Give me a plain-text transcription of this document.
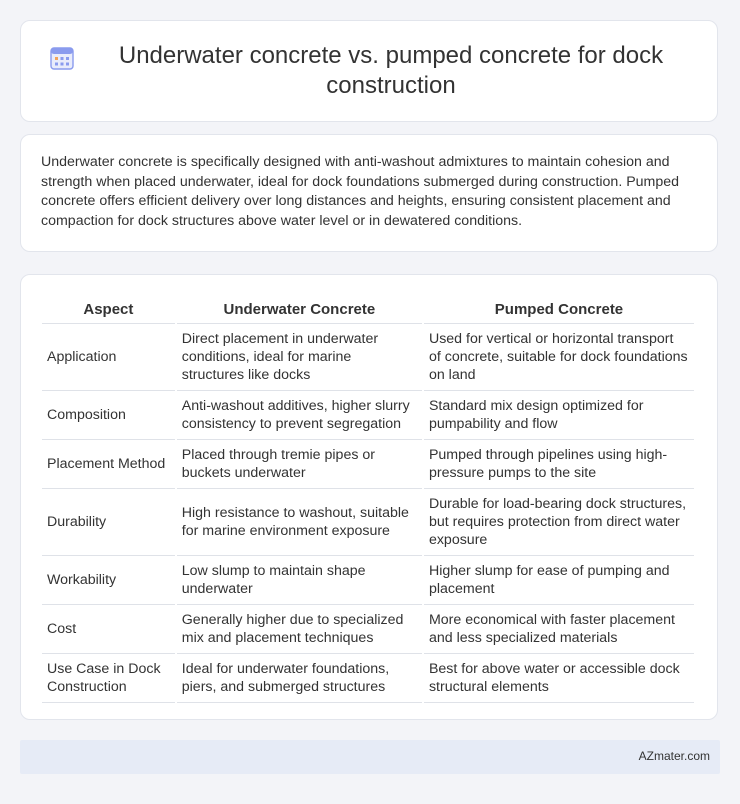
Underwater concrete vs. pumped concrete for dock construction

Underwater concrete is specifically designed with anti-washout admixtures to maintain cohesion and strength when placed underwater, ideal for dock foundations submerged during construction. Pumped concrete offers efficient delivery over long distances and heights, ensuring consistent placement and compaction for dock structures above water level or in dewatered conditions.

Aspect	Underwater Concrete	Pumped Concrete
Application	Direct placement in underwater conditions, ideal for marine structures like docks	Used for vertical or horizontal transport of concrete, suitable for dock foundations on land
Composition	Anti-washout additives, higher slurry consistency to prevent segregation	Standard mix design optimized for pumpability and flow
Placement Method	Placed through tremie pipes or buckets underwater	Pumped through pipelines using high-pressure pumps to the site
Durability	High resistance to washout, suitable for marine environment exposure	Durable for load-bearing dock structures, but requires protection from direct water exposure
Workability	Low slump to maintain shape underwater	Higher slump for ease of pumping and placement
Cost	Generally higher due to specialized mix and placement techniques	More economical with faster placement and less specialized materials
Use Case in Dock Construction	Ideal for underwater foundations, piers, and submerged structures	Best for above water or accessible dock structural elements
AZmater.com
